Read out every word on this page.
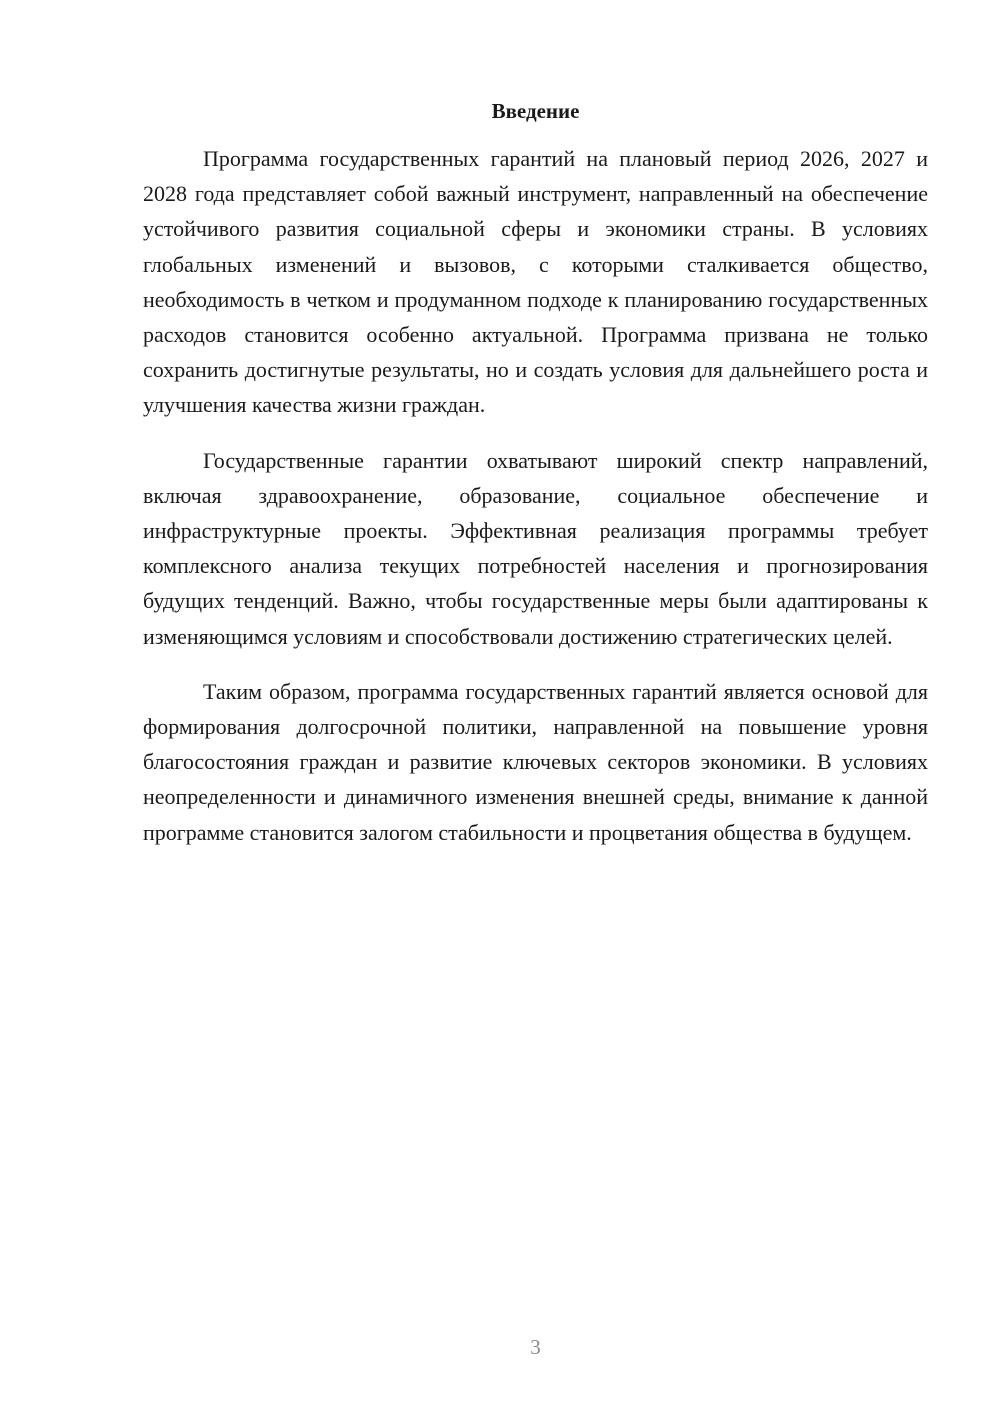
Введение

Программа государственных гарантий на плановый период 2026, 2027 и 2028 года представляет собой важный инструмент, направленный на обеспечение устойчивого развития социальной сферы и экономики страны. В условиях глобальных изменений и вызовов, с которыми сталкивается общество, необходимость в четком и продуманном подходе к планированию государственных расходов становится особенно актуальной. Программа призвана не только сохранить достигнутые результаты, но и создать условия для дальнейшего роста и улучшения качества жизни граждан.

Государственные гарантии охватывают широкий спектр направлений, включая здравоохранение, образование, социальное обеспечение и инфраструктурные проекты. Эффективная реализация программы требует комплексного анализа текущих потребностей населения и прогнозирования будущих тенденций. Важно, чтобы государственные меры были адаптированы к изменяющимся условиям и способствовали достижению стратегических целей.

Таким образом, программа государственных гарантий является основой для формирования долгосрочной политики, направленной на повышение уровня благосостояния граждан и развитие ключевых секторов экономики. В условиях неопределенности и динамичного изменения внешней среды, внимание к данной программе становится залогом стабильности и процветания общества в будущем.

3
